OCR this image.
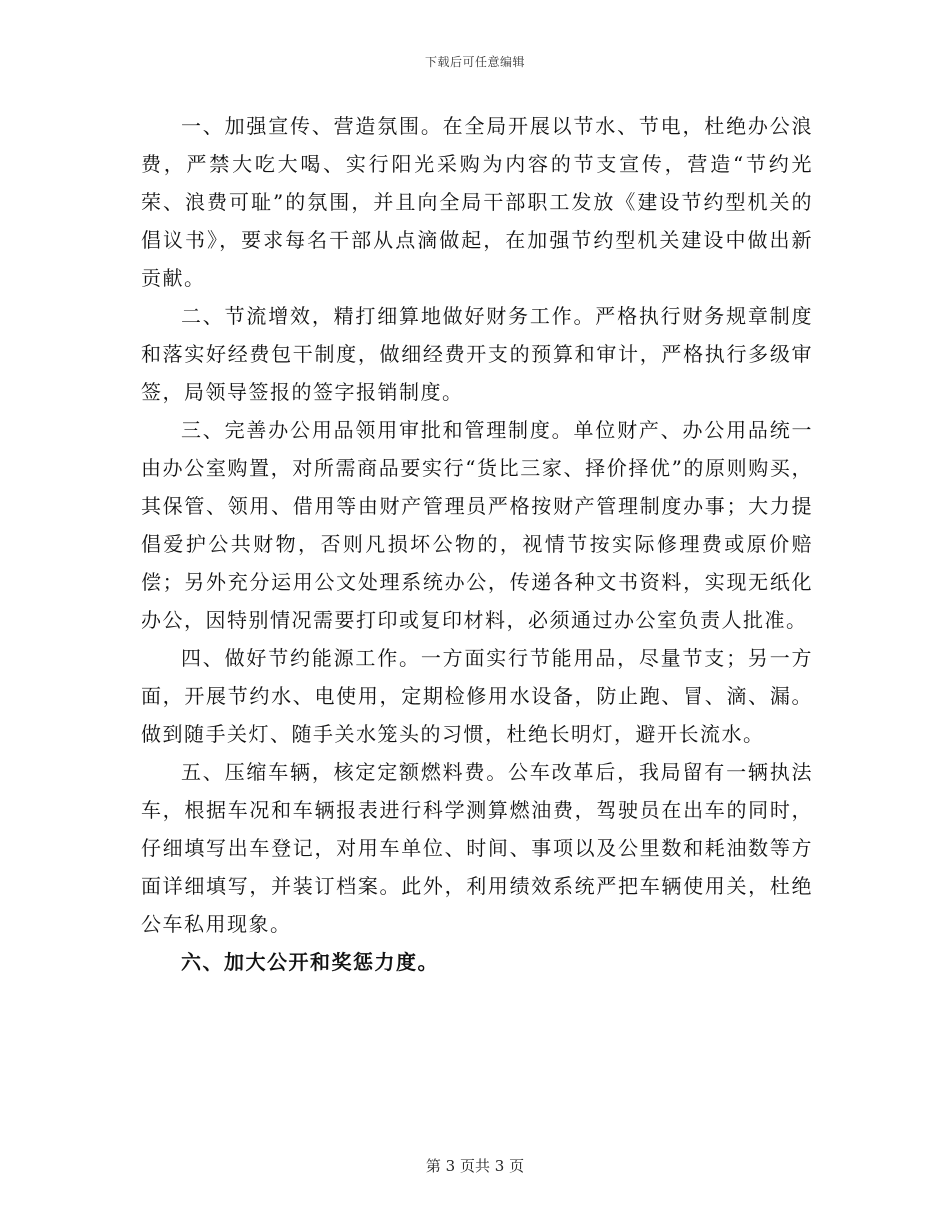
下载后可任意编辑

一、加强宣传、营造氛围。在全局开展以节水、节电，杜绝办公浪费，严禁大吃大喝、实行阳光采购为内容的节支宣传，营造“节约光荣、浪费可耻”的氛围，并且向全局干部职工发放《建设节约型机关的倡议书》，要求每名干部从点滴做起，在加强节约型机关建设中做出新贡献。

二、节流增效，精打细算地做好财务工作。严格执行财务规章制度和落实好经费包干制度，做细经费开支的预算和审计，严格执行多级审签，局领导签报的签字报销制度。

三、完善办公用品领用审批和管理制度。单位财产、办公用品统一由办公室购置，对所需商品要实行“货比三家、择价择优”的原则购买，其保管、领用、借用等由财产管理员严格按财产管理制度办事；大力提倡爱护公共财物，否则凡损坏公物的，视情节按实际修理费或原价赔偿；另外充分运用公文处理系统办公，传递各种文书资料，实现无纸化办公，因特别情况需要打印或复印材料，必须通过办公室负责人批准。

四、做好节约能源工作。一方面实行节能用品，尽量节支；另一方面，开展节约水、电使用，定期检修用水设备，防止跑、冒、滴、漏。做到随手关灯、随手关水笼头的习惯，杜绝长明灯，避开长流水。

五、压缩车辆，核定定额燃料费。公车改革后，我局留有一辆执法车，根据车况和车辆报表进行科学测算燃油费，驾驶员在出车的同时，仔细填写出车登记，对用车单位、时间、事项以及公里数和耗油数等方面详细填写，并装订档案。此外，利用绩效系统严把车辆使用关，杜绝公车私用现象。

六、加大公开和奖惩力度。

第 3 页共 3 页
